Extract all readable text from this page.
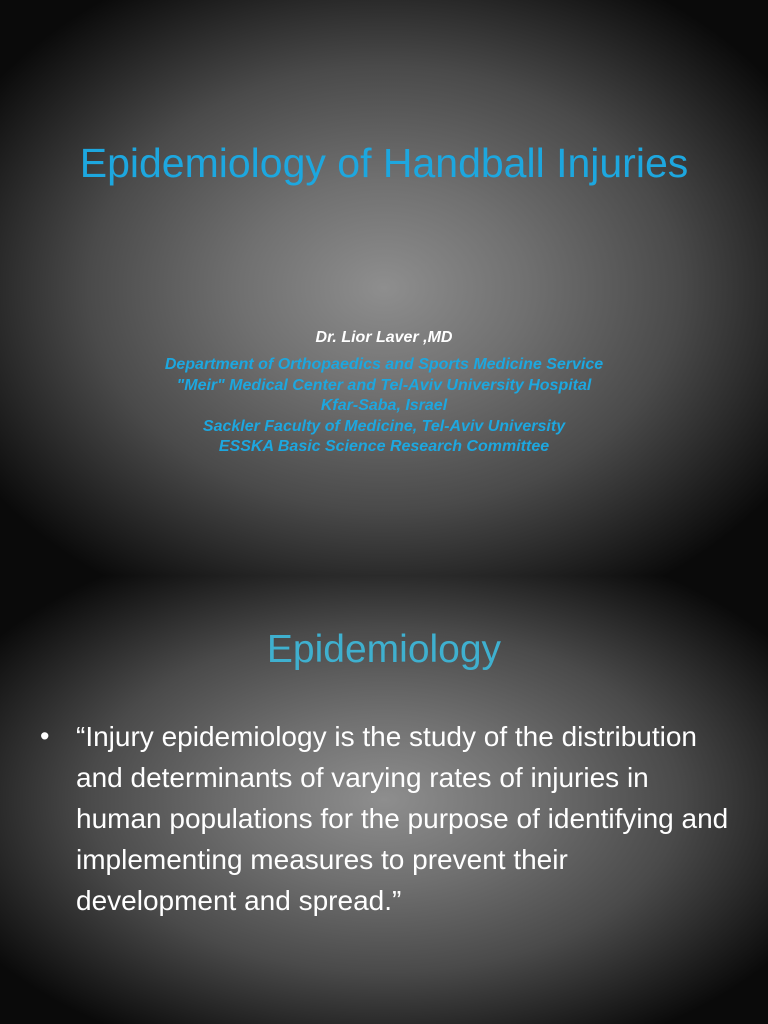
Epidemiology of Handball Injuries
Dr. Lior Laver ,MD
Department of Orthopaedics and Sports Medicine Service
"Meir" Medical Center and Tel-Aviv University Hospital
Kfar-Saba, Israel
Sackler Faculty of Medicine, Tel-Aviv University
ESSKA Basic Science Research Committee
Epidemiology
• “Injury epidemiology is the study of the distribution and determinants of varying rates of injuries in human populations for the purpose of identifying and implementing measures to prevent their development and spread.”
